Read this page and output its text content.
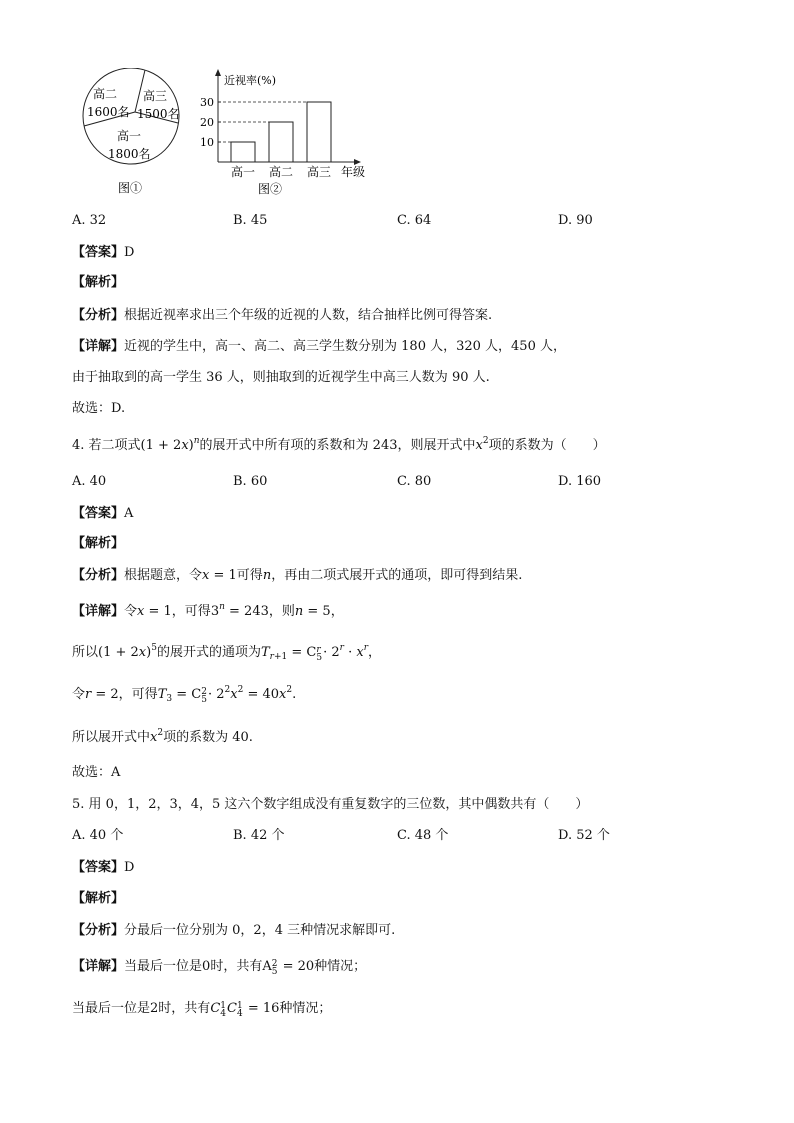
高二
1600名
高三
1500名
高一
1800名
图①
近视率(%)
年级
图②
10
20
30
高一 高二 高三
A. 32	B. 45	C. 64	D. 90
【答案】D
【解析】
【分析】根据近视率求出三个年级的近视的人数，结合抽样比例可得答案.
【详解】近视的学生中，高一、高二、高三学生数分别为 180 人，320 人，450 人，
由于抽取到的高一学生 36 人，则抽取到的近视学生中高三人数为 90 人.
故选：D.
4. 若二项式$(1 + 2x)^n$的展开式中所有项的系数和为 243，则展开式中$x^2$项的系数为（　　）
A. 40	B. 60	C. 80	D. 160
【答案】A
【解析】
【分析】根据题意，令x = 1可得n，再由二项式展开式的通项，即可得到结果.
【详解】令x = 1，可得$3^n = 243$，则n = 5，
所以$(1 + 2x)^5$的展开式的通项为$T_{r+1} = C$ r
$5 \cdot 2^r \cdot x^r$，
令r = 2，可得$T_3 = C$ 2
$5 \cdot 2^2x^2 = 40x^2$.
所以展开式中$x^2$项的系数为 40.
故选：A
5. 用 0，1，2，3，4，5 这六个数字组成没有重复数字的三位数，其中偶数共有（　　）
A. 40 个	B. 42 个	C. 48 个	D. 52 个
【答案】D
【解析】
【分析】分最后一位分别为 0，2，4 三种情况求解即可.
【详解】当最后一位是0时，共有A 2
5 = 20种情况；
当最后一位是2时，共有C 1
4 C 1
4 = 16种情况；
